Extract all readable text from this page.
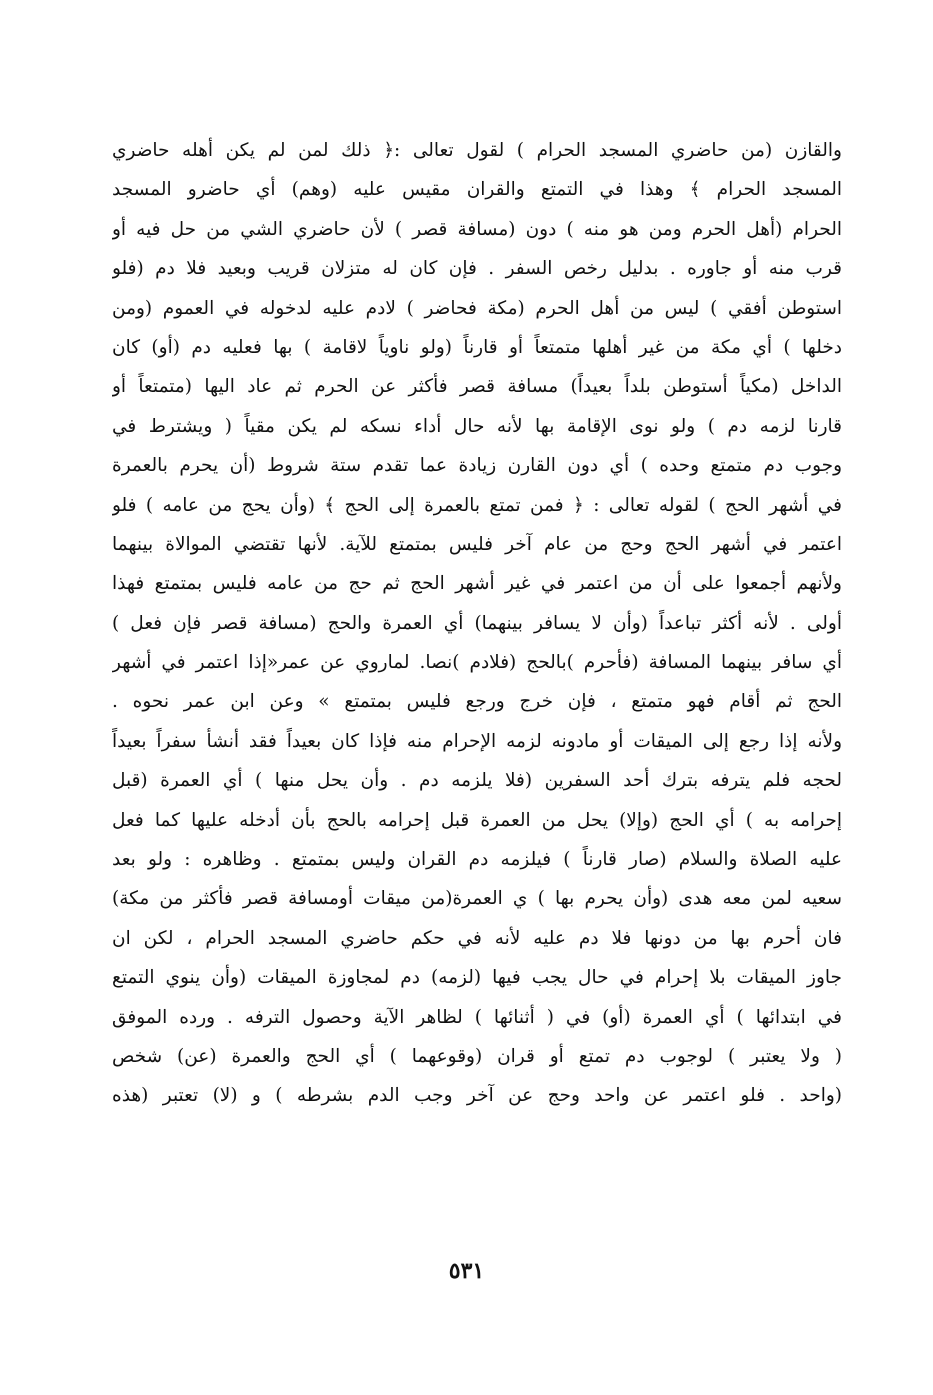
والقازن (من حاضري المسجد الحرام ) لقول تعالى :﴿ ذلك لمن لم يكن أهله حاضري
المسجد الحرام ﴾ وهذا في التمتع والقران مقيس عليه (وهم) أي حاضرو المسجد
الحرام (أهل الحرم ومن هو منه ) دون (مسافة قصر ) لأن حاضري الشي من حل فيه أو
قرب منه أو جاوره . بدليل رخص السفر . فإن كان له متزلان قريب وبعيد فلا دم (فلو
استوطن أفقي ) ليس من أهل الحرم (مكة فحاضر ) لادم عليه لدخوله في العموم (ومن
دخلها ) أي مكة من غير أهلها متمتعاً أو قارناً (ولو ناوياً لاقامة ) بها فعليه دم (أو) كان
الداخل (مكياً أستوطن بلداً بعيداً) مسافة قصر فأكثر عن الحرم ثم عاد اليها (متمتعاً أو
قارنا لزمه دم ) ولو نوى الإقامة بها لأنه حال أداء نسكه لم يكن مقياً ( ويشترط في
وجوب دم متمتع وحده ) أي دون القارن زيادة عما تقدم ستة شروط (أن يحرم بالعمرة
في أشهر الحج ) لقوله تعالى : ﴿ فمن تمتع بالعمرة إلى الحج ﴾ (وأن يحج من عامه ) فلو
اعتمر في أشهر الحج وحج من عام آخر فليس بمتمتع للآية. لأنها تقتضي الموالاة بينهما
ولأنهم أجمعوا على أن من اعتمر في غير أشهر الحج ثم حج من عامه فليس بمتمتع فهذا
أولى . لأنه أكثر تباعداً (وأن لا يسافر بينهما) أي العمرة والحج (مسافة قصر فإن فعل )
أي سافر بينهما المسافة (فأحرم )بالحج (فلادم )نصا. لماروي عن عمر«إذا اعتمر في أشهر
الحج ثم أقام فهو متمتع ، فإن خرج ورجع فليس بمتمتع » وعن ابن عمر نحوه .
ولأنه إذا رجع إلى الميقات أو مادونه لزمه الإحرام منه فإذا كان بعيداً فقد أنشأ سفراً بعيداً
لحجه فلم يترفه بترك أحد السفرين (فلا يلزمه دم . وأن يحل منها ) أي العمرة (قبل
إحرامه به ) أي الحج (وإلا) يحل من العمرة قبل إحرامه بالحج بأن أدخله عليها كما فعل
عليه الصلاة والسلام (صار قارناً ) فيلزمه دم القران وليس بمتمتع . وظاهره : ولو بعد
سعيه لمن معه هدى (وأن يحرم بها ) ي العمرة(من ميقات أومسافة قصر فأكثر من مكة)
فان أحرم بها من دونها فلا دم عليه لأنه في حكم حاضري المسجد الحرام ، لكن ان
جاوز الميقات بلا إحرام في حال يجب فيها (لزمه) دم لمجاوزة الميقات (وأن ينوي التمتع
في ابتدائها ) أي العمرة (أو) في ( أثنائها ) لظاهر الآية وحصول الترفه . ورده الموفق
( ولا يعتبر ) لوجوب دم تمتع أو قران (وقوعهما ) أي الحج والعمرة (عن) شخص
(واحد . فلو اعتمر عن واحد وحج عن آخر وجب الدم بشرطه ) و (لا) تعتبر (هذه
٥٣١
